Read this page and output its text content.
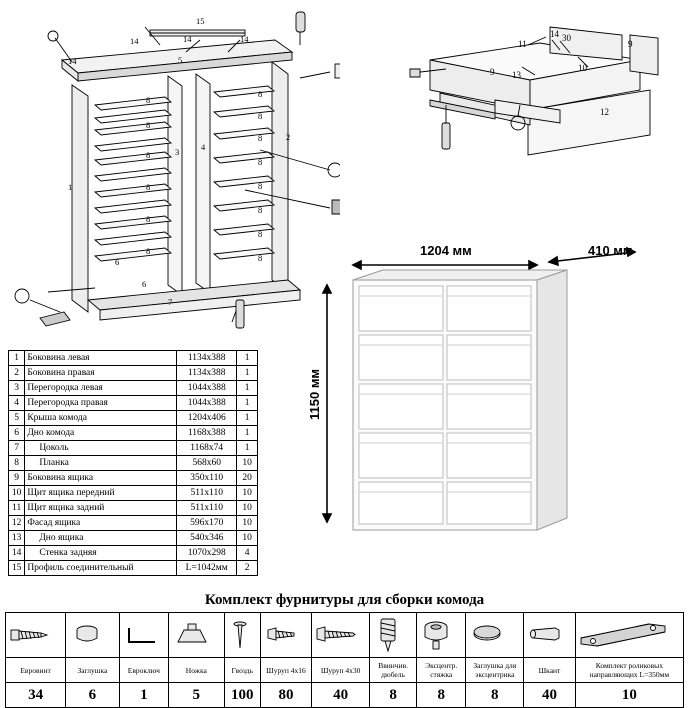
15
14	14	14
14	5
8
8
8
8
8
8
3	4
2
8
8
8
8
8
8
8
8
1
6
6
7
11
14 30
9
9 13
10
12
1204 мм	410 мм
1150 мм
1	Боковина левая	1134х388	1
2	Боковина правая	1134х388	1
3	Перегородка левая	1044х388	1
4	Перегородка правая	1044х388	1
5	Крыша комода	1204х406	1
6	Дно комода	1168х388	1
7	Цоколь	1168х74	1
8	Планка	568х60	10
9	Боковина ящика	350х110	20
10	Щит ящика передний	511х110	10
11	Щит ящика задний	511х110	10
12	Фасад ящика	596х170	10
13	Дно ящика	540х346	10
14	Стенка задняя	1070х298	4
15	Профиль соединительный	L=1042мм	2
Комплект фурнитуры для сборки комода

Евровинт	Заглушка	Евроключ	Ножка	Гвоздь	Шуруп 4х16	Шуруп 4х30	Ввинчив. дюбель	Эксцентр. стяжка	Заглушка для эксцентрика	Шкант	Комплект роликовых направляющих L=350мм
34	6	1	5	100	80	40	8	8	8	40	10
